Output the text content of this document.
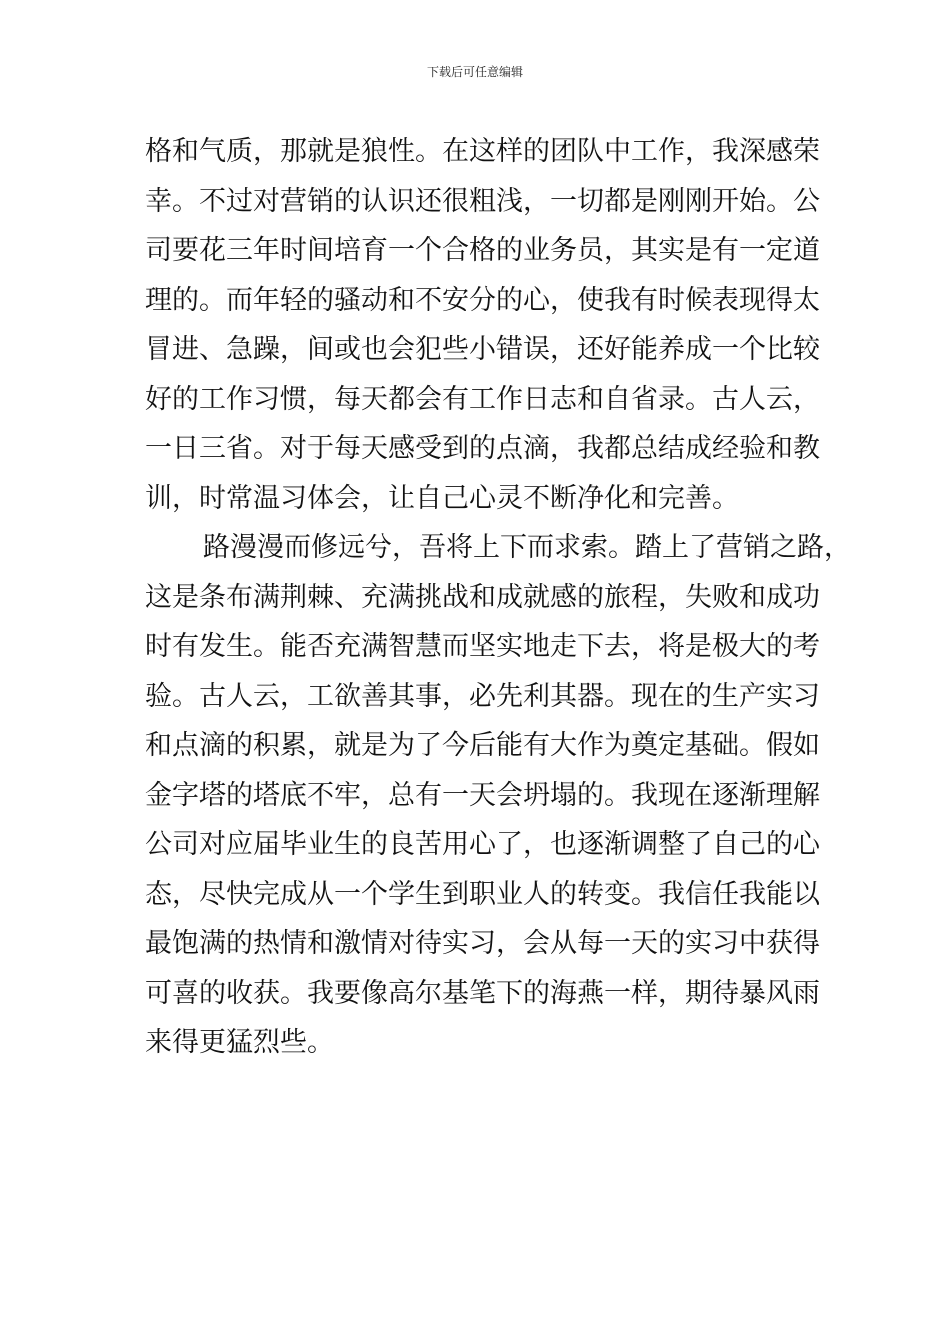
下载后可任意编辑
格和气质，那就是狼性。在这样的团队中工作，我深感荣
幸。不过对营销的认识还很粗浅，一切都是刚刚开始。公
司要花三年时间培育一个合格的业务员，其实是有一定道
理的。而年轻的骚动和不安分的心，使我有时候表现得太
冒进、急躁，间或也会犯些小错误，还好能养成一个比较
好的工作习惯，每天都会有工作日志和自省录。古人云，
一日三省。对于每天感受到的点滴，我都总结成经验和教
训，时常温习体会，让自己心灵不断净化和完善。
路漫漫而修远兮，吾将上下而求索。踏上了营销之路，
这是条布满荆棘、充满挑战和成就感的旅程，失败和成功
时有发生。能否充满智慧而坚实地走下去，将是极大的考
验。古人云，工欲善其事，必先利其器。现在的生产实习
和点滴的积累，就是为了今后能有大作为奠定基础。假如
金字塔的塔底不牢，总有一天会坍塌的。我现在逐渐理解
公司对应届毕业生的良苦用心了，也逐渐调整了自己的心
态，尽快完成从一个学生到职业人的转变。我信任我能以
最饱满的热情和激情对待实习，会从每一天的实习中获得
可喜的收获。我要像高尔基笔下的海燕一样，期待暴风雨
来得更猛烈些。
